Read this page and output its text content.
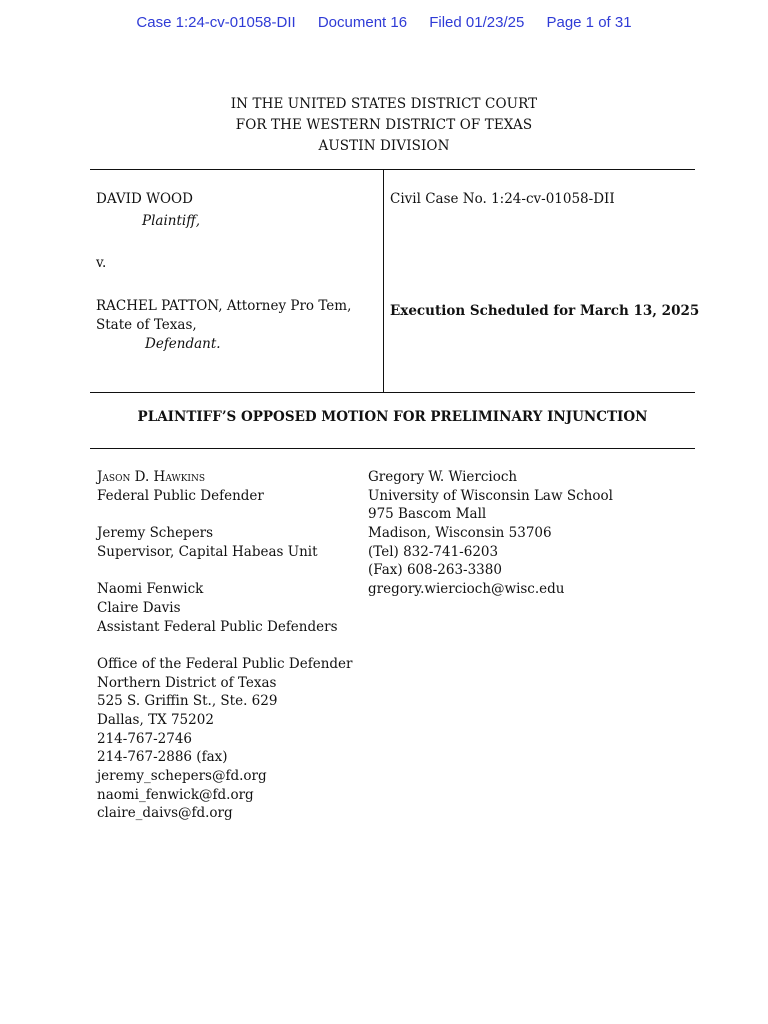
Case 1:24-cv-01058-DII Document 16 Filed 01/23/25 Page 1 of 31
IN THE UNITED STATES DISTRICT COURT
FOR THE WESTERN DISTRICT OF TEXAS
AUSTIN DIVISION
DAVID WOOD
Plaintiff,
v.
RACHEL PATTON, Attorney Pro Tem,
State of Texas,
Defendant.
Civil Case No. 1:24-cv-01058-DII
Execution Scheduled for March 13, 2025
PLAINTIFF’S OPPOSED MOTION FOR PRELIMINARY INJUNCTION
Jason D. Hawkins
Federal Public Defender
Jeremy Schepers
Supervisor, Capital Habeas Unit
Naomi Fenwick
Claire Davis
Assistant Federal Public Defenders
Office of the Federal Public Defender
Northern District of Texas
525 S. Griffin St., Ste. 629
Dallas, TX 75202
214-767-2746
214-767-2886 (fax)
jeremy_schepers@fd.org
naomi_fenwick@fd.org
claire_daivs@fd.org
Gregory W. Wiercioch
University of Wisconsin Law School
975 Bascom Mall
Madison, Wisconsin 53706
(Tel) 832-741-6203
(Fax) 608-263-3380
gregory.wiercioch@wisc.edu
